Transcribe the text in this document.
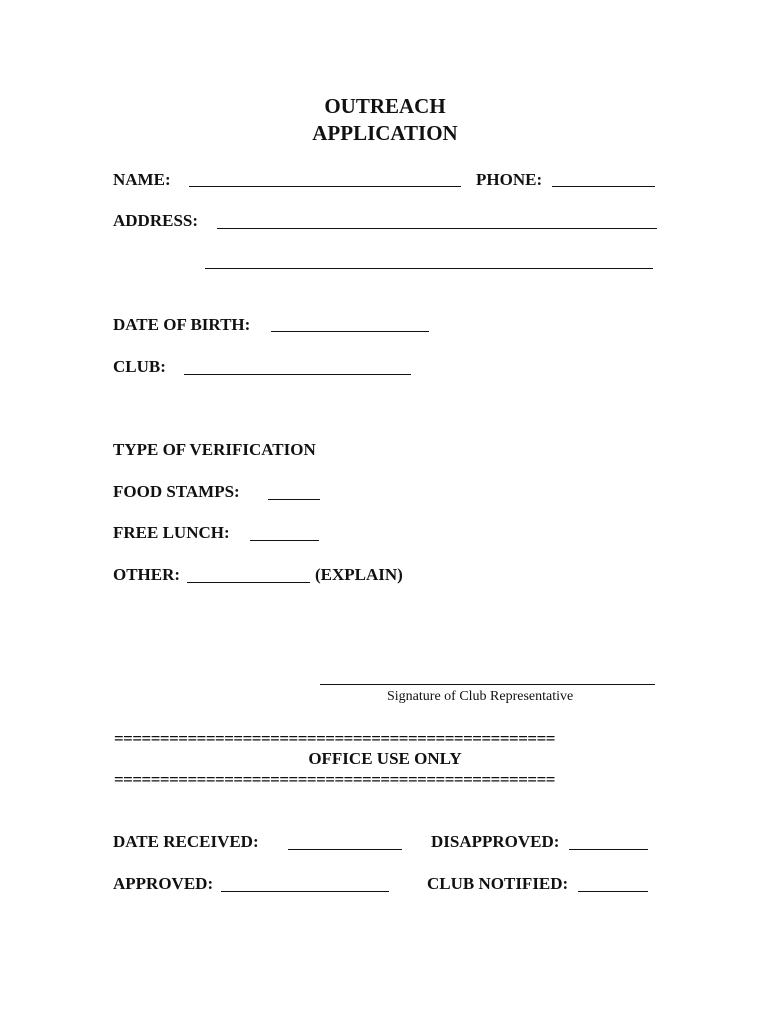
OUTREACH
APPLICATION
NAME:	PHONE:
ADDRESS:
DATE OF BIRTH:
CLUB:
TYPE OF VERIFICATION
FOOD STAMPS:
FREE LUNCH:
OTHER:	(EXPLAIN)
Signature of Club Representative
================================================
OFFICE USE ONLY
================================================
DATE RECEIVED:	DISAPPROVED:
APPROVED:	CLUB NOTIFIED:
